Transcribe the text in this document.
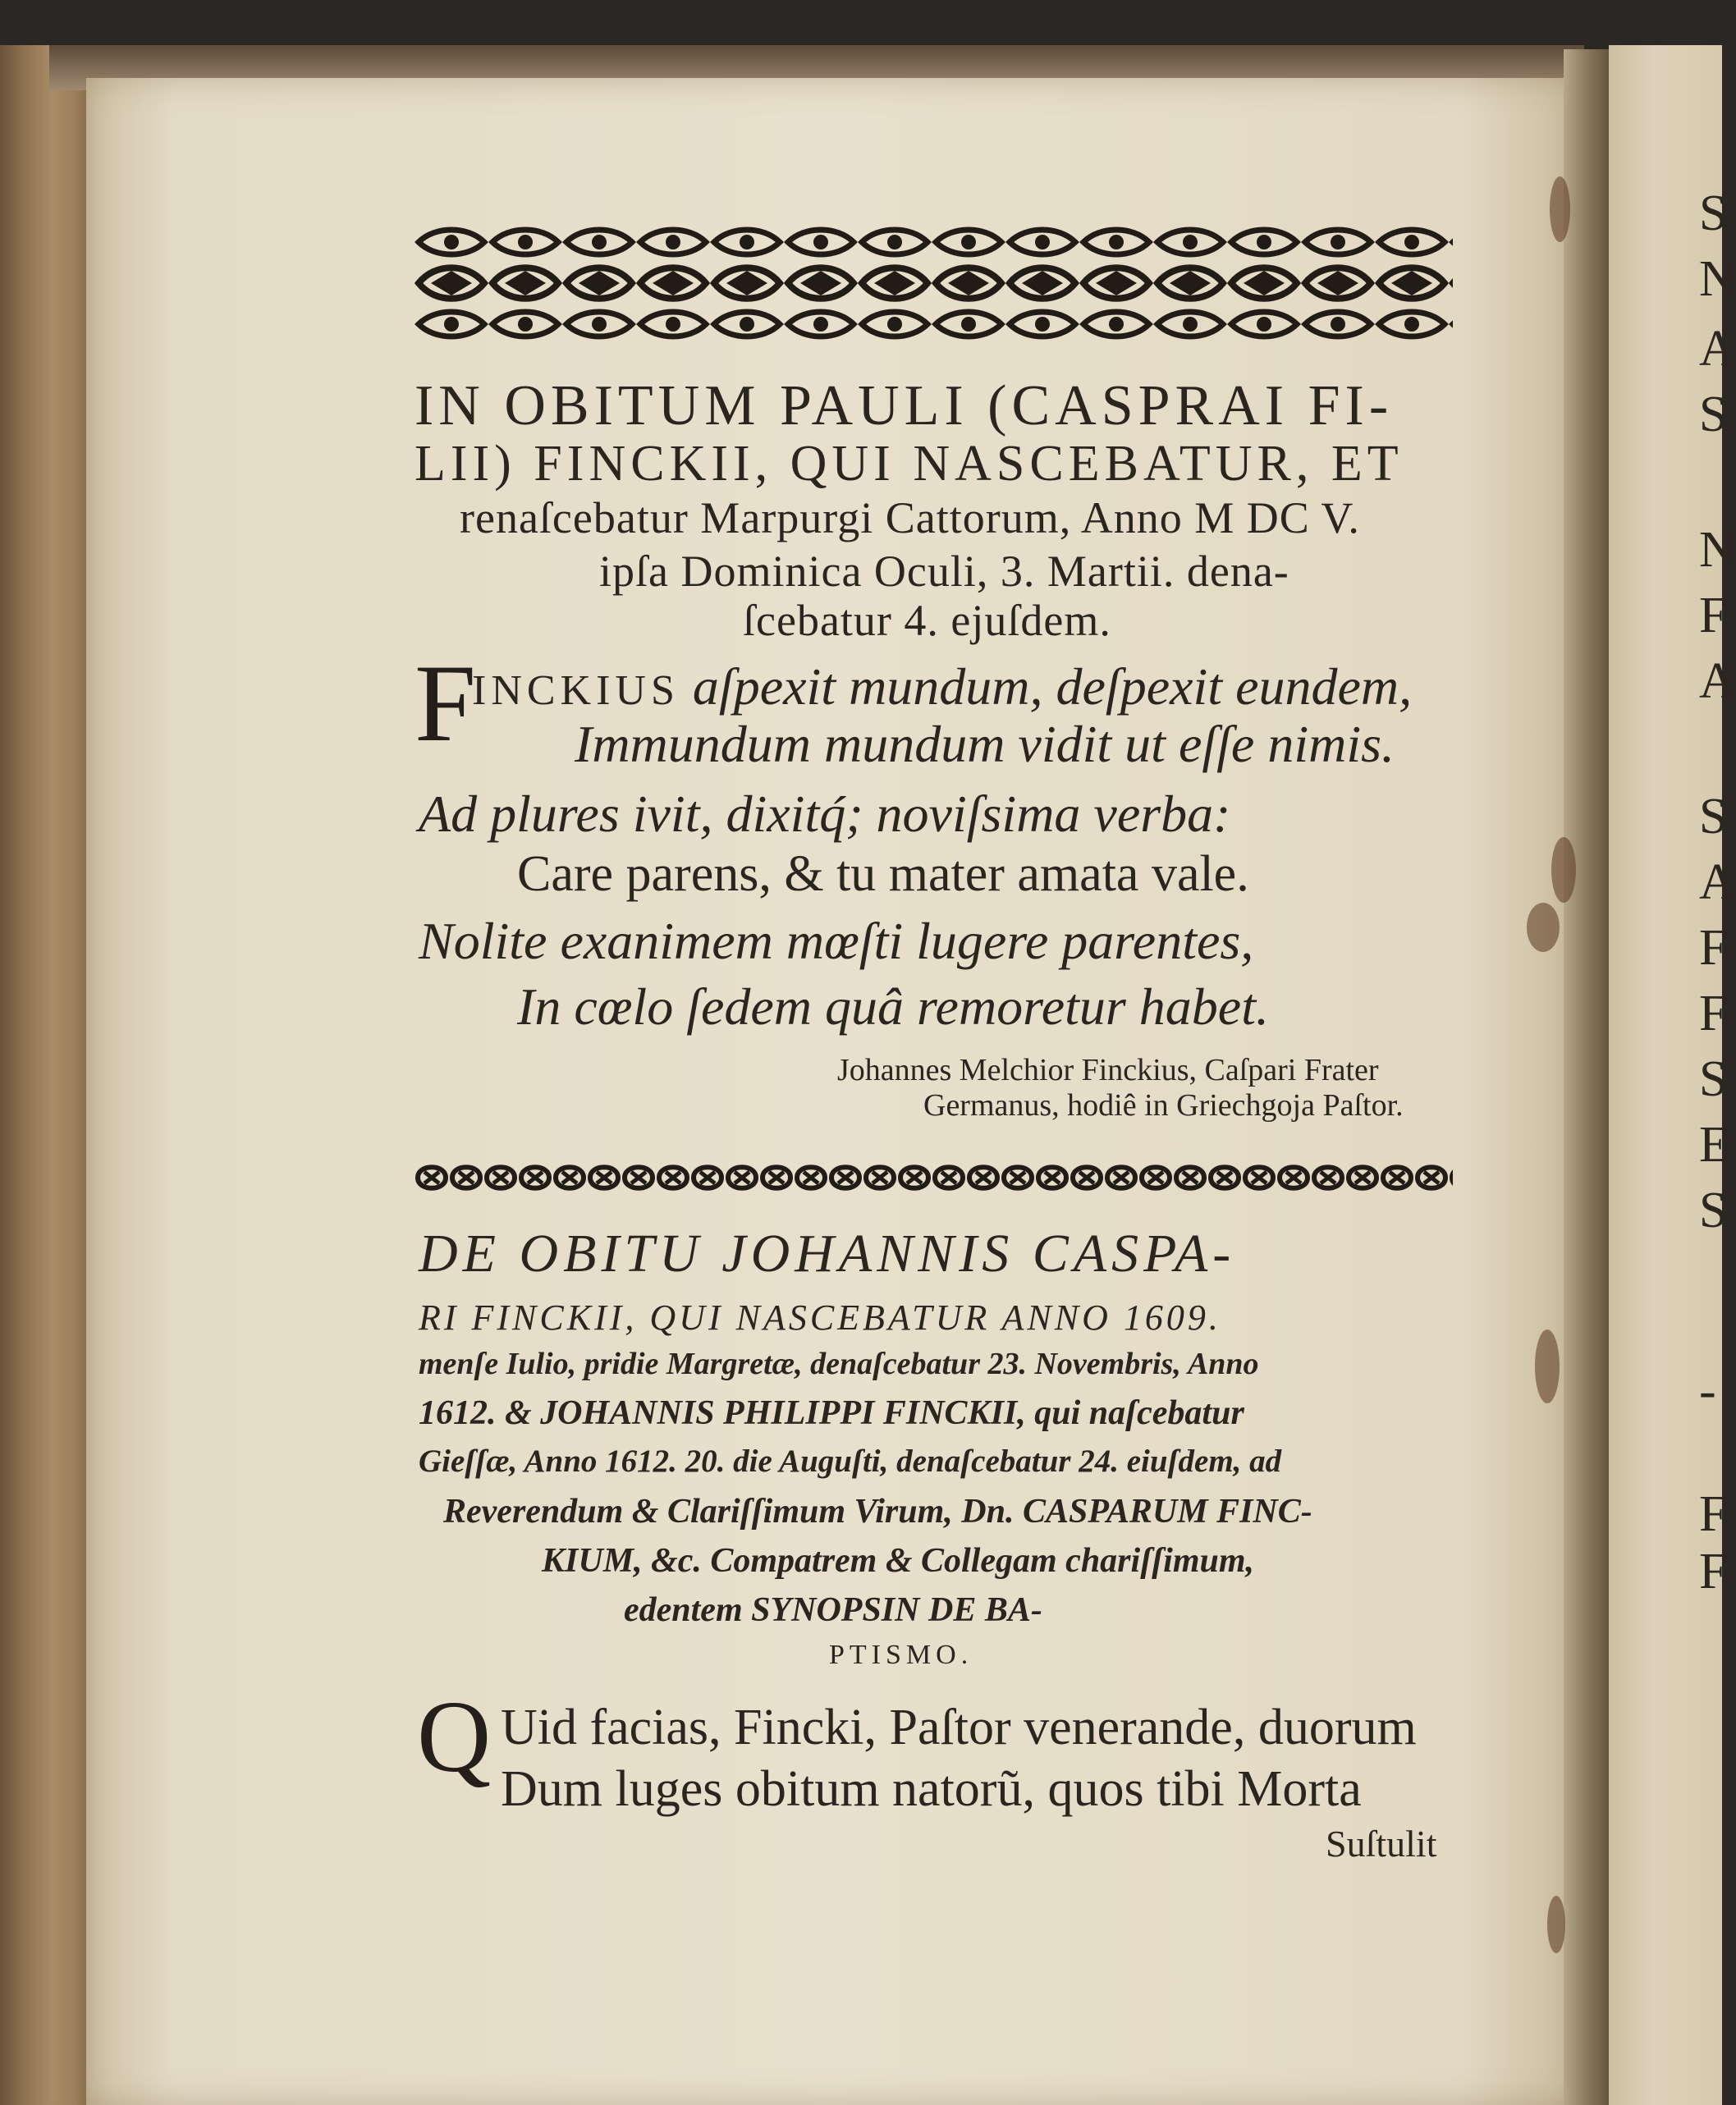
S
N
A
S
N
F
A
S
A
F
F
S
E
S
-
F
F
IN OBITUM PAULI (CASPRAI FI-
LII) FINCKII, QUI NASCEBATUR, ET
renaſcebatur Marpurgi Cattorum, Anno M DC V.
ipſa Dominica Oculi, 3. Martii. dena-
ſcebatur 4. ejuſdem.
F
INCKIUS aſpexit mundum, deſpexit eundem,
Immundum mundum vidit ut eſſe nimis.
Ad plures ivit, dixitq́; noviſsima verba:
Care parens, & tu mater amata vale.
Nolite exanimem mœſti lugere parentes,
In cœlo ſedem quâ remoretur habet.
Johannes Melchior Finckius, Caſpari Frater
Germanus, hodiê in Griechgoja Paſtor.
DE OBITU JOHANNIS CASPA-
RI FINCKII, QUI NASCEBATUR ANNO 1609.
menſe Iulio, pridie Margretæ, denaſcebatur 23. Novembris, Anno
1612. & JOHANNIS PHILIPPI FINCKII, qui naſcebatur
Gieſſæ, Anno 1612. 20. die Auguſti, denaſcebatur 24. eiuſdem, ad
Reverendum & Clariſſimum Virum, Dn. CASPARUM FINC-
KIUM, &c. Compatrem & Collegam chariſſimum,
edentem SYNOPSIN DE BA-
PTISMO.
Q Uid facias, Fincki, Paſtor venerande, duorum
Dum luges obitum natorũ, quos tibi Morta
Suſtulit
